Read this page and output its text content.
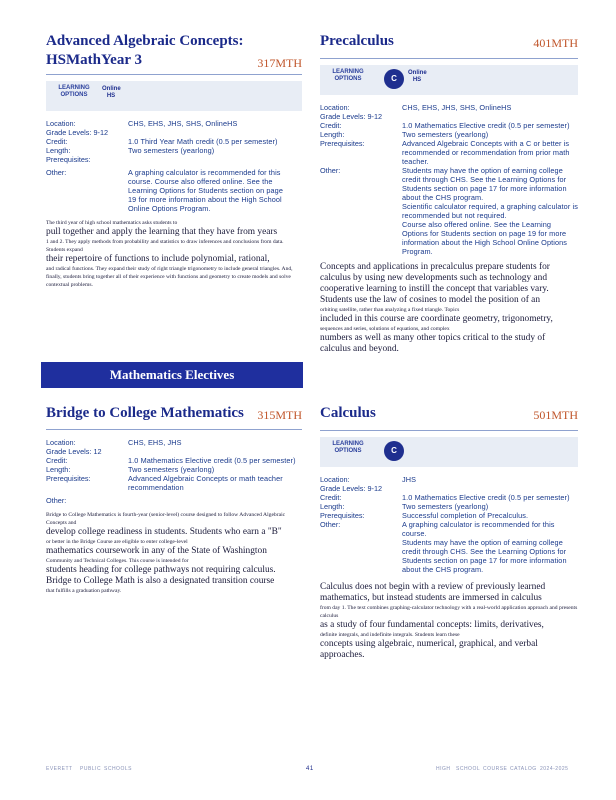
Advanced Algebraic Concepts:
HSMathYear 3	317MTH
LEARNING OPTIONS
Online HS
Location:	CHS, EHS, JHS, SHS, OnlineHS
Grade Levels: 9-12
Credit:	1.0 Third Year Math credit (0.5 per semester)
Length:	Two semesters (yearlong)
Prerequisites:
Other:	A graphing calculator is recommended for this course. Course also offered online. See the Learning Options for Students section on page 19 for more information about the High School Online Options Program.
The third year of high school mathematics asks students to
pull together and apply the learning that they have from years
1 and 2. They apply methods from probability and statistics to draw inferences and conclusions from data. Students expand
their repertoire of functions to include polynomial, rational,
and radical functions. They expand their study of right triangle trigonometry to include general triangles. And, finally, students bring together all of their experience with functions and geometry to create models and solve contextual problems.
Mathematics Electives
Bridge to College Mathematics	315MTH
Location:	CHS, EHS, JHS
Grade Levels: 12
Credit:	1.0 Mathematics Elective credit (0.5 per semester)
Length:	Two semesters (yearlong)
Prerequisites:	Advanced Algebraic Concepts or math teacher recommendation
Other:
Bridge to College Mathematics is fourth-year (senior-level) course designed to follow Advanced Algebraic Concepts and
develop college readiness in students. Students who earn a "B"
or better in the Bridge Course are eligible to enter college-level
mathematics coursework in any of the State of Washington
Community and Technical Colleges. This course is intended for
students heading for college pathways not requiring calculus. Bridge to College Math is also a designated transition course
that fulfills a graduation pathway.
Precalculus	401MTH
LEARNING OPTIONS	C
Online HS
Location:	CHS, EHS, JHS, SHS, OnlineHS
Grade Levels: 9-12
Credit:	1.0 Mathematics Elective credit (0.5 per semester)
Length:	Two semesters (yearlong)
Prerequisites:	Advanced Algebraic Concepts with a C or better is recommended or recommendation from prior math teacher.
Other:	Students may have the option of earning college credit through CHS. See the Learning Options for Students section on page 17 for more information about the CHS program.
Scientific calculator required, a graphing calculator is recommended but not required.
Course also offered online. See the Learning Options for Students section on page 19 for more information about the High School Online Options Program.
Concepts and applications in precalculus prepare students for calculus by using new developments such as technology and cooperative learning to instill the concept that variables vary. Students use the law of cosines to model the position of an
orbiting satellite, rather than analyzing a fixed triangle. Topics
included in this course are coordinate geometry, trigonometry,
sequences and series, solutions of equations, and complex
numbers as well as many other topics critical to the study of calculus and beyond.
Calculus	501MTH
LEARNING OPTIONS	C
Location:	JHS
Grade Levels: 9-12
Credit:	1.0 Mathematics Elective credit (0.5 per semester)
Length:	Two semesters (yearlong)
Prerequisites:	Successful completion of Precalculus.
Other:	A graphing calculator is recommended for this course.
Students may have the option of earning college credit through CHS. See the Learning Options for Students section on page 17 for more information about the CHS program.
Calculus does not begin with a review of previously learned mathematics, but instead students are immersed in calculus
from day 1. The text combines graphing-calculator technology with a real-world application approach and presents calculus
as a study of four fundamental concepts: limits, derivatives,
definite integrals, and indefinite integrals. Students learn these
concepts using algebraic, numerical, graphical, and verbal approaches.
EVERETT PUBLIC SCHOOLS	41	HIGH SCHOOL COURSE CATALOG 2024-2025
